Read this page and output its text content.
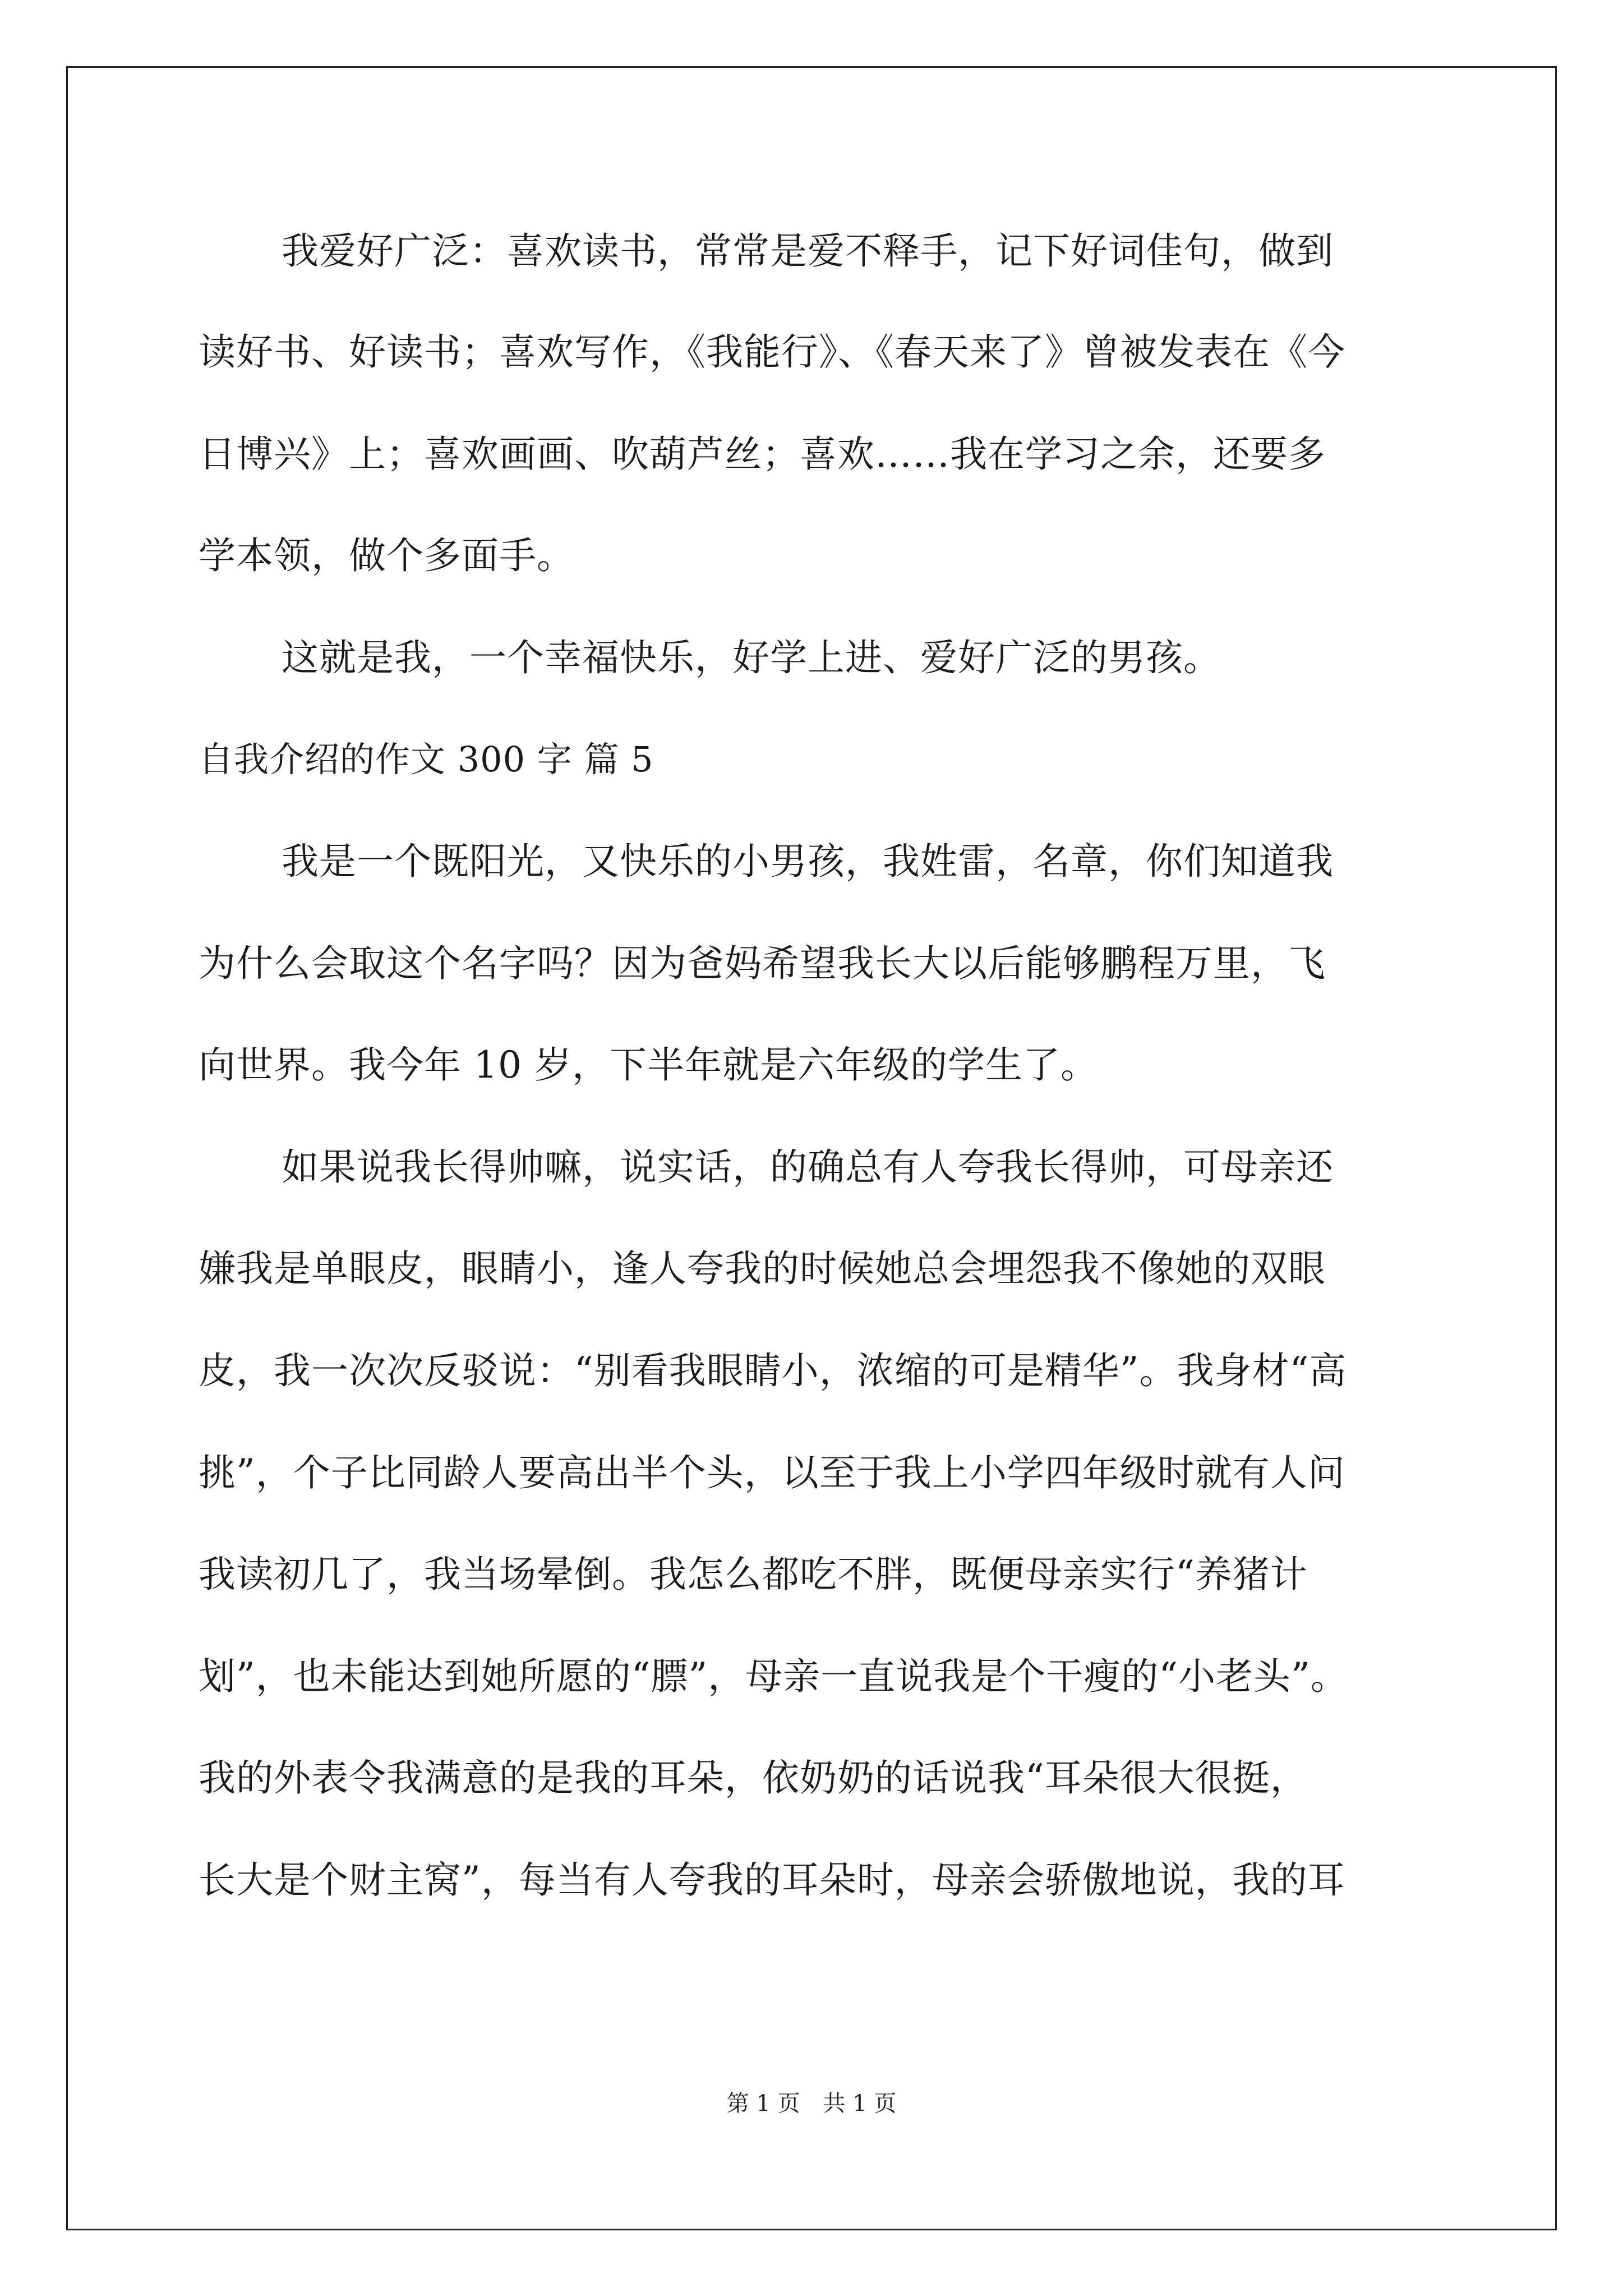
我爱好广泛：喜欢读书，常常是爱不释手，记下好词佳句，做到
读好书、好读书；喜欢写作，《我能行》、《春天来了》曾被发表在《今
日博兴》上；喜欢画画、吹葫芦丝；喜欢……我在学习之余，还要多
学本领，做个多面手。
这就是我，一个幸福快乐，好学上进、爱好广泛的男孩。
自我介绍的作文 300 字 篇 5
我是一个既阳光，又快乐的小男孩，我姓雷，名章，你们知道我
为什么会取这个名字吗？因为爸妈希望我长大以后能够鹏程万里，飞
向世界。我今年 10 岁，下半年就是六年级的学生了。
如果说我长得帅嘛，说实话，的确总有人夸我长得帅，可母亲还
嫌我是单眼皮，眼睛小，逢人夸我的时候她总会埋怨我不像她的双眼
皮，我一次次反驳说：“别看我眼睛小，浓缩的可是精华”。我身材“高
挑”，个子比同龄人要高出半个头，以至于我上小学四年级时就有人问
我读初几了，我当场晕倒。我怎么都吃不胖，既便母亲实行“养猪计
划”，也未能达到她所愿的“膘”，母亲一直说我是个干瘦的“小老头”。
我的外表令我满意的是我的耳朵，依奶奶的话说我“耳朵很大很挺，
长大是个财主窝”，每当有人夸我的耳朵时，母亲会骄傲地说，我的耳
第 1 页 共 1 页
